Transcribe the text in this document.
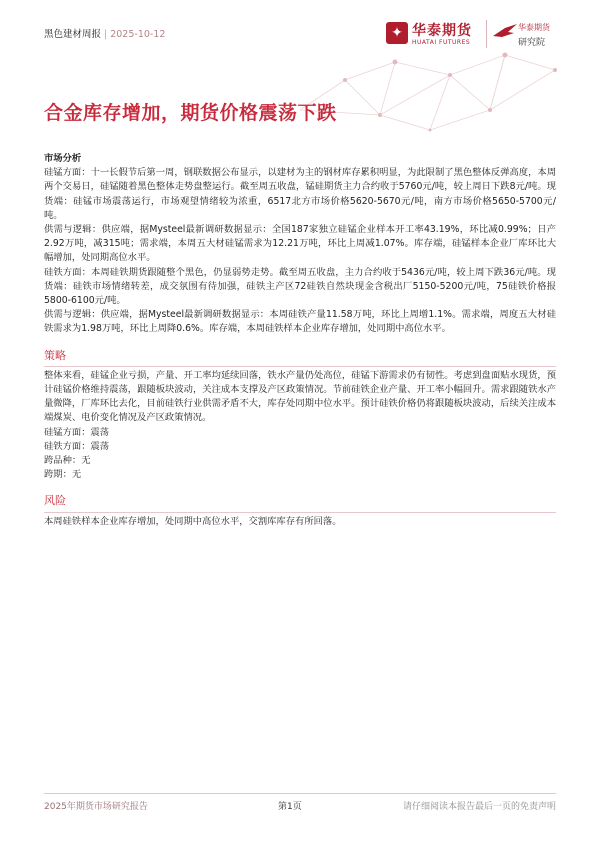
黑色建材周报 | 2025-10-12	✦ 华泰期货
HUATAI FUTURES
华泰期货
研究院
合金库存增加，期货价格震荡下跌

市场分析

硅锰方面：十一长假节后第一周，钢联数据公布显示，以建材为主的钢材库存累积明显，为此限制了黑色整体反弹高度，本周两个交易日，硅锰随着黑色整体走势盘整运行。截至周五收盘，锰硅期货主力合约收于5760元/吨，较上周日下跌8元/吨。现货端：硅锰市场震荡运行，市场观望情绪较为浓重，6517北方市场价格5620-5670元/吨，南方市场价格5650-5700元/吨。

供需与逻辑：供应端，据Mysteel最新调研数据显示：全国187家独立硅锰企业样本开工率43.19%，环比减0.99%；日产2.92万吨，减315吨；需求端，本周五大材硅锰需求为12.21万吨，环比上周减1.07%。库存端，硅锰样本企业厂库环比大幅增加，处同期高位水平。

硅铁方面：本周硅铁期货跟随整个黑色，仍显弱势走势。截至周五收盘，主力合约收于5436元/吨，较上周下跌36元/吨。现货端：硅铁市场情绪转差，成交氛围有待加强，硅铁主产区72硅铁自然块现金含税出厂5150-5200元/吨，75硅铁价格报5800-6100元/吨。

供需与逻辑：供应端，据Mysteel最新调研数据显示：本周硅铁产量11.58万吨，环比上周增1.1%。需求端，周度五大材硅铁需求为1.98万吨，环比上周降0.6%。库存端，本周硅铁样本企业库存增加，处同期中高位水平。

策略

整体来看，硅锰企业亏损，产量、开工率均延续回落，铁水产量仍处高位，硅锰下游需求仍有韧性。考虑到盘面贴水现货，预计硅锰价格维持震荡，跟随板块波动，关注成本支撑及产区政策情况。节前硅铁企业产量、开工率小幅回升。需求跟随铁水产量微降，厂库环比去化，目前硅铁行业供需矛盾不大，库存处同期中位水平。预计硅铁价格仍将跟随板块波动，后续关注成本端煤炭、电价变化情况及产区政策情况。

硅锰方面：震荡

硅铁方面：震荡

跨品种：无

跨期：无

风险

本周硅铁样本企业库存增加，处同期中高位水平，交割库库存有所回落。

2025年期货市场研究报告	第1页	请仔细阅读本报告最后一页的免责声明
